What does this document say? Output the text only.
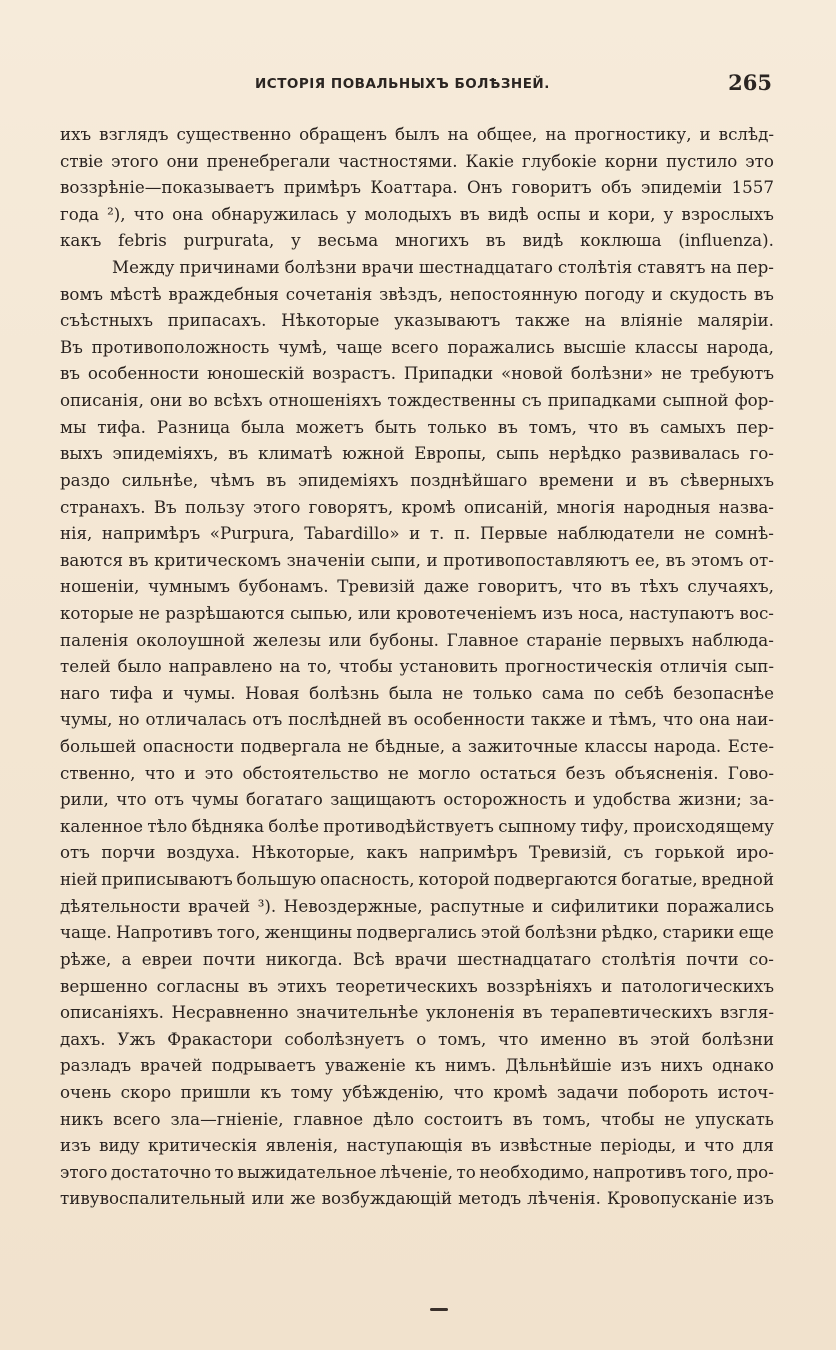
ИСТОРІЯ ПОВАЛЬНЫХЪ БОЛѢЗНЕЙ.	265
ихъ взглядъ существенно обращенъ былъ на общее, на прогностику, и вслѣд-
ствіе этого они пренебрегали частностями. Какіе глубокіе корни пустило это
воззрѣніе—показываетъ примѣръ Коаттара. Онъ говоритъ объ эпидеміи 1557
года ²), что она обнаружилась у молодыхъ въ видѣ оспы и кори, у взрослыхъ
какъ febris purpurata, у весьма многихъ въ видѣ коклюша (influenza).
Между причинами болѣзни врачи шестнадцатаго столѣтія ставятъ на пер-
вомъ мѣстѣ враждебныя сочетанія звѣздъ, непостоянную погоду и скудость въ
съѣстныхъ припасахъ. Нѣкоторые указываютъ также на вліяніе маляріи.
Въ противоположность чумѣ, чаще всего поражались высшіе классы народа,
въ особенности юношескій возрастъ. Припадки «новой болѣзни» не требуютъ
описанія, они во всѣхъ отношеніяхъ тождественны съ припадками сыпной фор-
мы тифа. Разница была можетъ быть только въ томъ, что въ самыхъ пер-
выхъ эпидеміяхъ, въ климатѣ южной Европы, сыпь нерѣдко развивалась го-
раздо сильнѣе, чѣмъ въ эпидеміяхъ позднѣйшаго времени и въ сѣверныхъ
странахъ. Въ пользу этого говорятъ, кромѣ описаній, многія народныя назва-
нія, напримѣръ «Purpura, Tabardillo» и т. п. Первые наблюдатели не сомнѣ-
ваются въ критическомъ значеніи сыпи, и противопоставляютъ ее, въ этомъ от-
ношеніи, чумнымъ бубонамъ. Тревизій даже говоритъ, что въ тѣхъ случаяхъ,
которые не разрѣшаются сыпью, или кровотеченіемъ изъ носа, наступаютъ вос-
паленія околоушной железы или бубоны. Главное стараніе первыхъ наблюда-
телей было направлено на то, чтобы установить прогностическія отличія сып-
наго тифа и чумы. Новая болѣзнь была не только сама по себѣ безопаснѣе
чумы, но отличалась отъ послѣдней въ особенности также и тѣмъ, что она наи-
большей опасности подвергала не бѣдные, а зажиточные классы народа. Есте-
ственно, что и это обстоятельство не могло остаться безъ объясненія. Гово-
рили, что отъ чумы богатаго защищаютъ осторожность и удобства жизни; за-
каленное тѣло бѣдняка болѣе противодѣйствуетъ сыпному тифу, происходящему
отъ порчи воздуха. Нѣкоторые, какъ напримѣръ Тревизій, съ горькой иро-
ніей приписываютъ большую опасность, которой подвергаются богатые, вредной
дѣятельности врачей ³). Невоздержные, распутные и сифилитики поражались
чаще. Напротивъ того, женщины подвергались этой болѣзни рѣдко, старики еще
рѣже, а евреи почти никогда. Всѣ врачи шестнадцатаго столѣтія почти со-
вершенно согласны въ этихъ теоретическихъ воззрѣніяхъ и патологическихъ
описаніяхъ. Несравненно значительнѣе уклоненія въ терапевтическихъ взгля-
дахъ. Ужъ Фракастори соболѣзнуетъ о томъ, что именно въ этой болѣзни
разладъ врачей подрываетъ уваженіе къ нимъ. Дѣльнѣйшіе изъ нихъ однако
очень скоро пришли къ тому убѣжденію, что кромѣ задачи побороть источ-
никъ всего зла—гніеніе, главное дѣло состоитъ въ томъ, чтобы не упускать
изъ виду критическія явленія, наступающія въ извѣстные періоды, и что для
этого достаточно то выжидательное лѣченіе, то необходимо, напротивъ того, про-
тивувоспалительный или же возбуждающій методъ лѣченія. Кровопусканіе изъ
